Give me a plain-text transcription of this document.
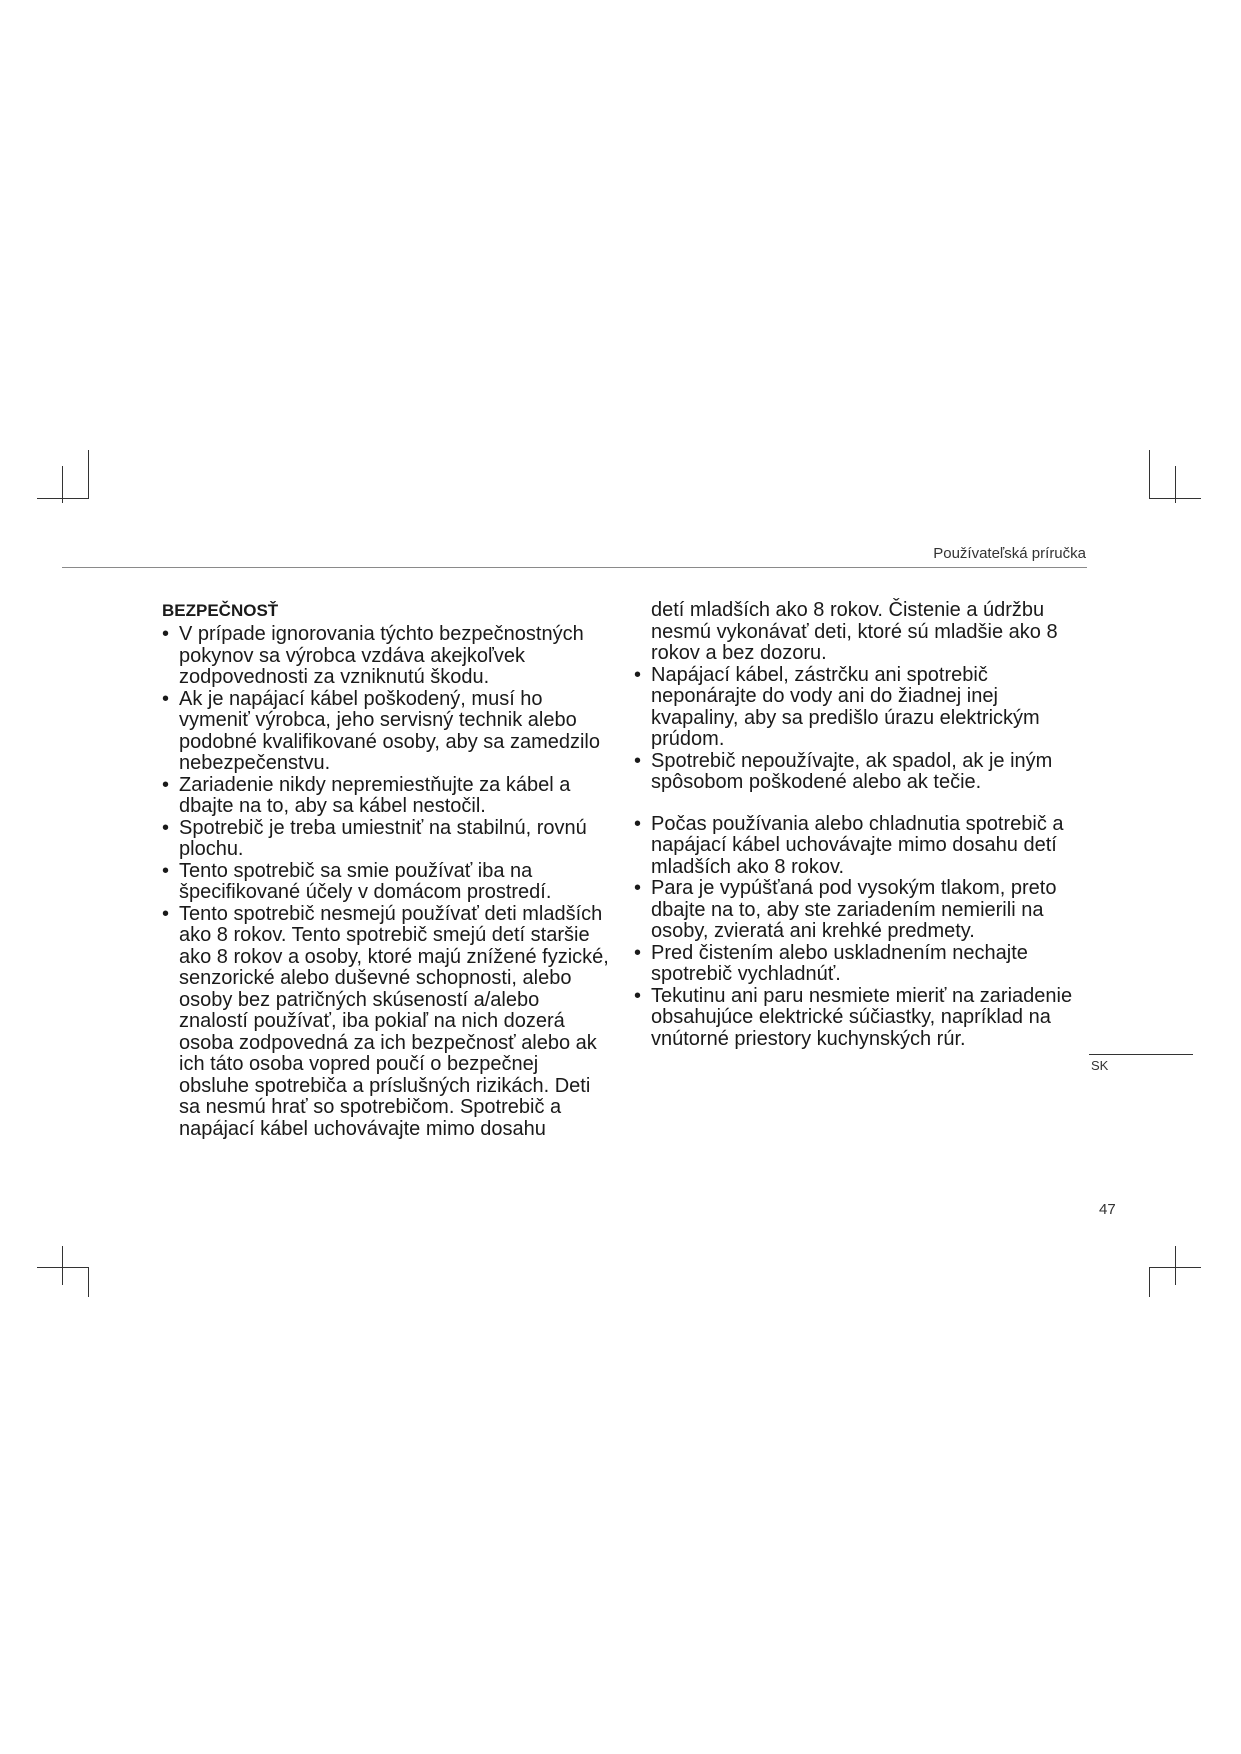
Používateľská príručka
BEZPEČNOSŤ
• V prípade ignorovania týchto bezpečnostných pokynov sa výrobca vzdáva akejkoľvek zodpovednosti za vzniknutú škodu.
• Ak je napájací kábel poškodený, musí ho vymeniť výrobca, jeho servisný technik alebo podobné kvalifikované osoby, aby sa zamedzilo nebezpečenstvu.
• Zariadenie nikdy nepremiestňujte za kábel a dbajte na to, aby sa kábel nestočil.
• Spotrebič je treba umiestniť na stabilnú, rovnú plochu.
• Tento spotrebič sa smie používať iba na špecifikované účely v domácom prostredí.
• Tento spotrebič nesmejú používať deti mladších ako 8 rokov. Tento spotrebič smejú detí staršie ako 8 rokov a osoby, ktoré majú znížené fyzické, senzorické alebo duševné schopnosti, alebo osoby bez patričných skúseností a/alebo znalostí používať, iba pokiaľ na nich dozerá osoba zodpovedná za ich bezpečnosť alebo ak ich táto osoba vopred poučí o bezpečnej obsluhe spotrebiča a príslušných rizikách. Deti sa nesmú hrať so spotrebičom. Spotrebič a napájací kábel uchovávajte mimo dosahu

detí mladších ako 8 rokov. Čistenie a údržbu nesmú vykonávať deti, ktoré sú mladšie ako 8 rokov a bez dozoru.

• Napájací kábel, zástrčku ani spotrebič neponárajte do vody ani do žiadnej inej kvapaliny, aby sa predišlo úrazu elektrickým prúdom.
• Spotrebič nepoužívajte, ak spadol, ak je iným spôsobom poškodené alebo ak tečie.
• Počas používania alebo chladnutia spotrebič a napájací kábel uchovávajte mimo dosahu detí mladších ako 8 rokov.
• Para je vypúšťaná pod vysokým tlakom, preto dbajte na to, aby ste zariadením nemierili na osoby, zvieratá ani krehké predmety.
• Pred čistením alebo uskladnením nechajte spotrebič vychladnúť.
• Tekutinu ani paru nesmiete mieriť na zariadenie obsahujúce elektrické súčiastky, napríklad na vnútorné priestory kuchynských rúr.
SK
47
